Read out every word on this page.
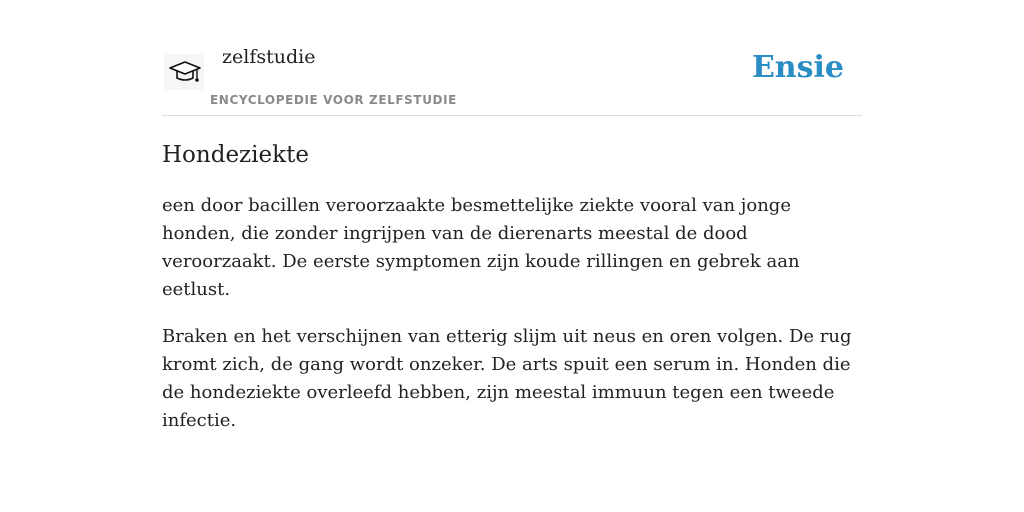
zelfstudie
ENCYCLOPEDIE VOOR ZELFSTUDIE
Ensie
Hondeziekte

een door bacillen veroorzaakte besmettelijke ziekte vooral van jonge honden, die zonder ingrijpen van de dierenarts meestal de dood veroorzaakt. De eerste symptomen zijn koude rillingen en gebrek aan eetlust.

Braken en het verschijnen van etterig slijm uit neus en oren volgen. De rug kromt zich, de gang wordt onzeker. De arts spuit een serum in. Honden die de hondeziekte overleefd hebben, zijn meestal immuun tegen een tweede infectie.
